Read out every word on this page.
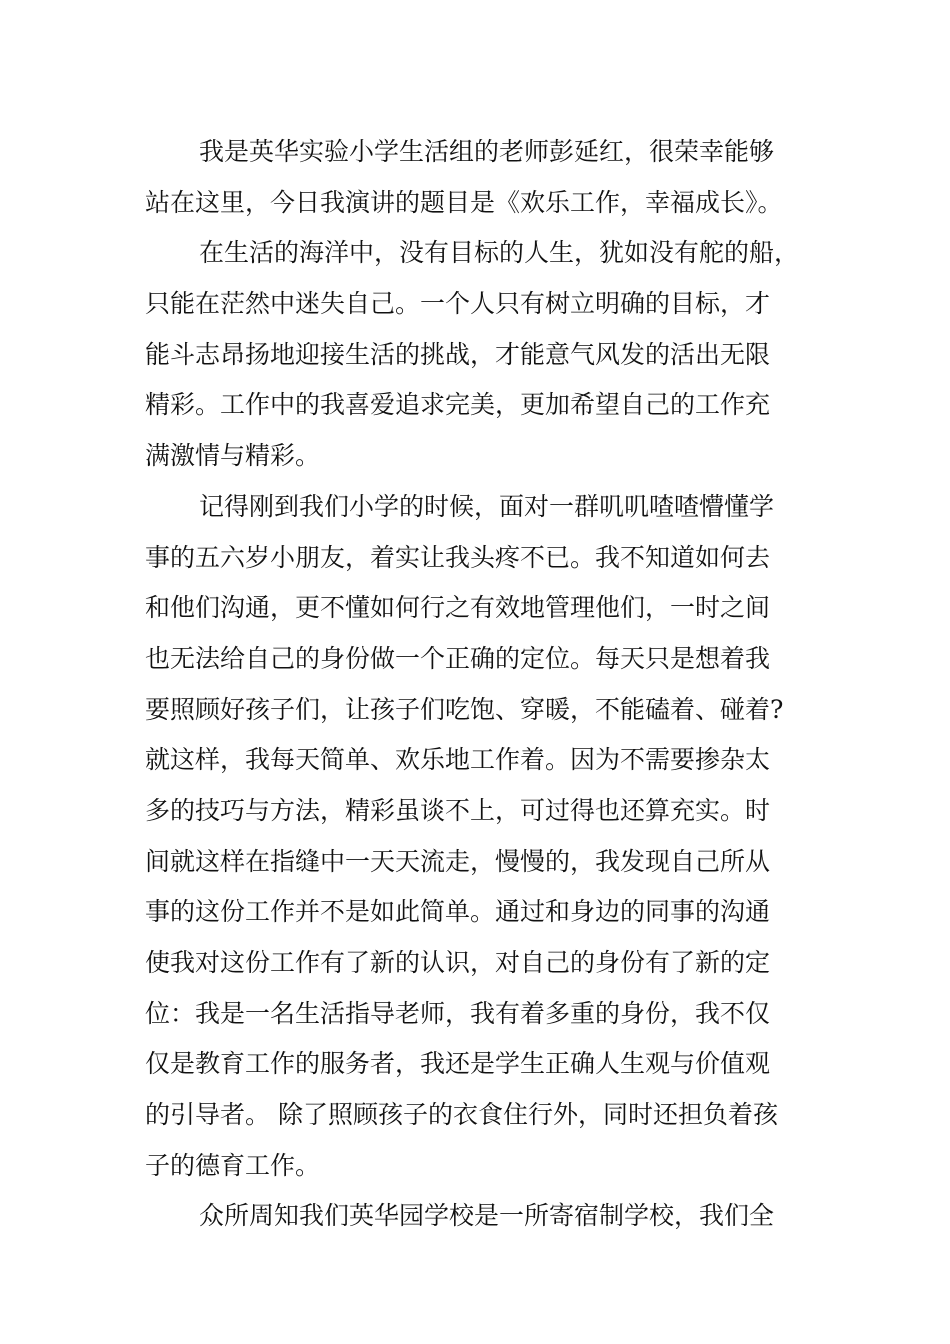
我是英华实验小学生活组的老师彭延红，很荣幸能够
站在这里，今日我演讲的题目是《欢乐工作，幸福成长》。

在生活的海洋中，没有目标的人生，犹如没有舵的船，
只能在茫然中迷失自己。一个人只有树立明确的目标，才
能斗志昂扬地迎接生活的挑战，才能意气风发的活出无限
精彩。工作中的我喜爱追求完美，更加希望自己的工作充
满激情与精彩。

记得刚到我们小学的时候，面对一群叽叽喳喳懵懂学
事的五六岁小朋友，着实让我头疼不已。我不知道如何去
和他们沟通，更不懂如何行之有效地管理他们，一时之间
也无法给自己的身份做一个正确的定位。每天只是想着我
要照顾好孩子们，让孩子们吃饱、穿暖，不能磕着、碰着?
就这样，我每天简单、欢乐地工作着。因为不需要掺杂太
多的技巧与方法，精彩虽谈不上，可过得也还算充实。时
间就这样在指缝中一天天流走，慢慢的，我发现自己所从
事的这份工作并不是如此简单。通过和身边的同事的沟通
使我对这份工作有了新的认识，对自己的身份有了新的定
位：我是一名生活指导老师，我有着多重的身份，我不仅
仅是教育工作的服务者，我还是学生正确人生观与价值观
的引导者。 除了照顾孩子的衣食住行外，同时还担负着孩
子的德育工作。

众所周知我们英华园学校是一所寄宿制学校，我们全
